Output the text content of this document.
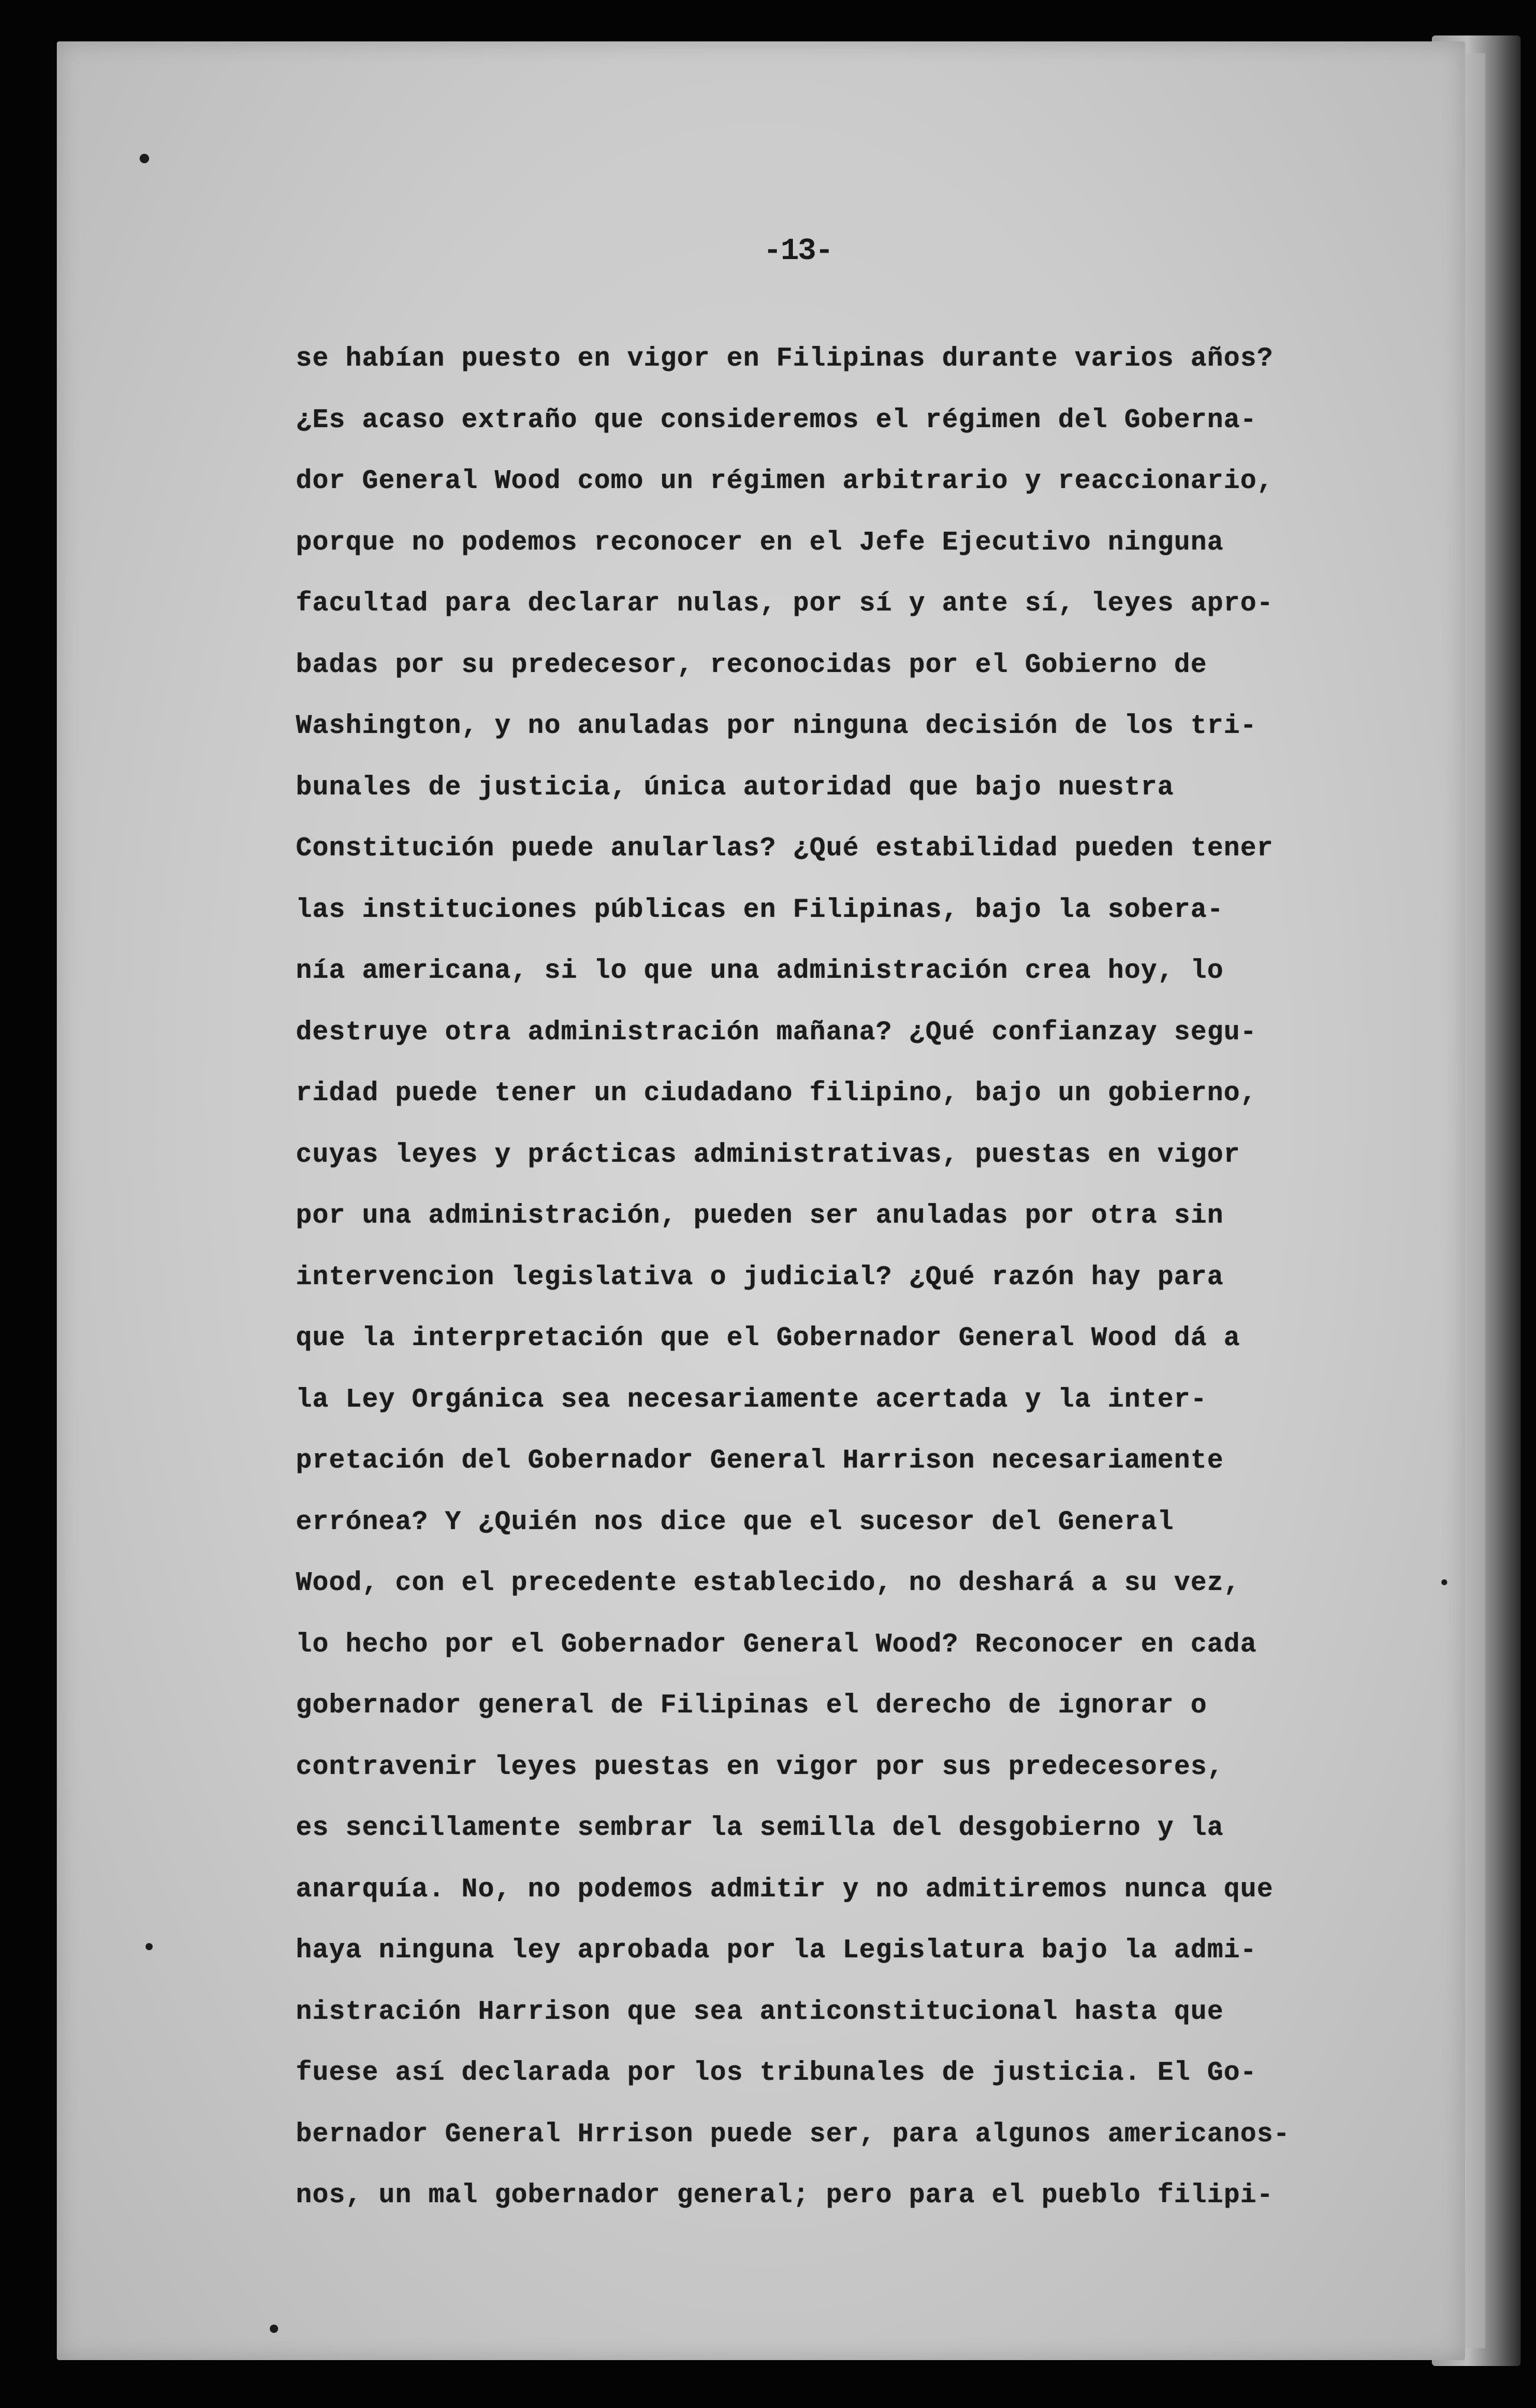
-13-
se habían puesto en vigor en Filipinas durante varios años?
¿Es acaso extraño que consideremos el régimen del Goberna-
dor General Wood como un régimen arbitrario y reaccionario,
porque no podemos reconocer en el Jefe Ejecutivo ninguna
facultad para declarar nulas, por sí y ante sí, leyes apro-
badas por su predecesor, reconocidas por el Gobierno de
Washington, y no anuladas por ninguna decisión de los tri-
bunales de justicia, única autoridad que bajo nuestra
Constitución puede anularlas? ¿Qué estabilidad pueden tener
las instituciones públicas en Filipinas, bajo la sobera-
nía americana, si lo que una administración crea hoy, lo
destruye otra administración mañana? ¿Qué confianzay segu-
ridad puede tener un ciudadano filipino, bajo un gobierno,
cuyas leyes y prácticas administrativas, puestas en vigor
por una administración, pueden ser anuladas por otra sin
intervencion legislativa o judicial? ¿Qué razón hay para
que la interpretación que el Gobernador General Wood dá a
la Ley Orgánica sea necesariamente acertada y la inter-
pretación del Gobernador General Harrison necesariamente
errónea? Y ¿Quién nos dice que el sucesor del General
Wood, con el precedente establecido, no deshará a su vez,
lo hecho por el Gobernador General Wood? Reconocer en cada
gobernador general de Filipinas el derecho de ignorar o
contravenir leyes puestas en vigor por sus predecesores,
es sencillamente sembrar la semilla del desgobierno y la
anarquía. No, no podemos admitir y no admitiremos nunca que
haya ninguna ley aprobada por la Legislatura bajo la admi-
nistración Harrison que sea anticonstitucional hasta que
fuese así declarada por los tribunales de justicia. El Go-
bernador General Hrrison puede ser, para algunos americanos-
nos, un mal gobernador general; pero para el pueblo filipi-
